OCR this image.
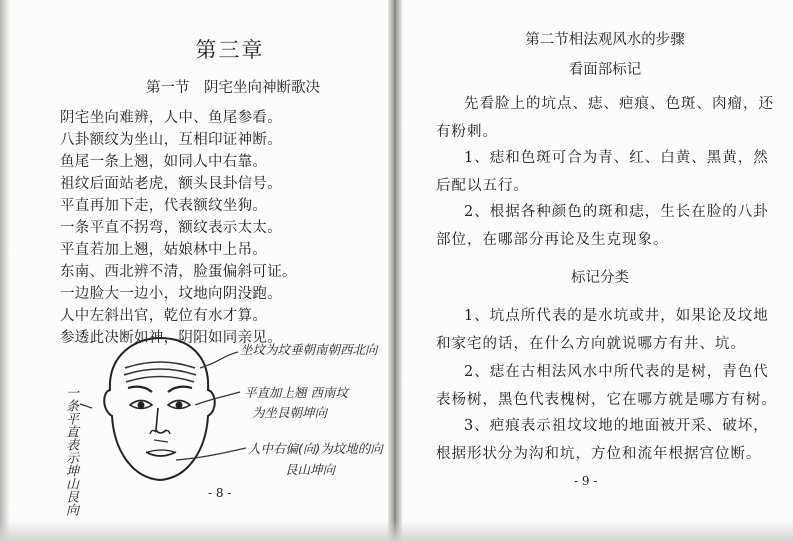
第三章
第一节　阴宅坐向神断歌决
阴宅坐向难辨，人中、鱼尾参看。
八卦额纹为坐山，互相印证神断。
鱼尾一条上翘，如同人中右靠。
祖纹后面站老虎，额头艮卦信号。
平直再加下走，代表额纹坐狗。
一条平直不拐弯，额纹表示太太。
平直若加上翘，姑娘林中上吊。
东南、西北辨不清，脸蛋偏斜可证。
一边脸大一边小，坟地向阴没跑。
人中左斜出官，乾位有水才算。
参透此决断如神，阴阳如同亲见。
坐坟为坟垂朝南朝西北向
平直加上翘 西南坟
为坐艮朝坤向
人中右偏(向)为坟地的向
艮山坤向
一条平直表示坤山艮向	- 8 -
第二节相法观风水的步骤
看面部标记
先看脸上的坑点、痣、疤痕、色斑、肉瘤，还
有粉刺。
1、痣和色斑可合为青、红、白黄、黑黄，然
后配以五行。
2、根据各种颜色的斑和痣，生长在脸的八卦
部位，在哪部分再论及生克现象。
标记分类
1、坑点所代表的是水坑或井，如果论及坟地
和家宅的话，在什么方向就说哪方有井、坑。
2、痣在古相法风水中所代表的是树，青色代
表杨树，黑色代表槐树，它在哪方就是哪方有树。
3、疤痕表示祖坟坟地的地面被开采、破坏，
根据形状分为沟和坑，方位和流年根据宫位断。
- 9 -
